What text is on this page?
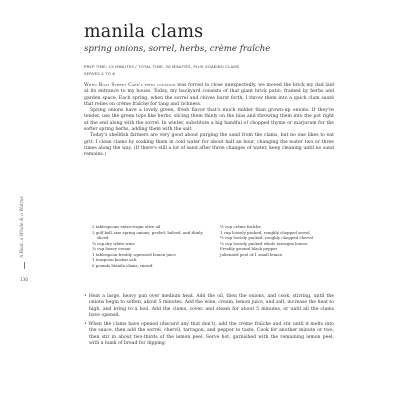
manila clams

spring onions, sorrel, herbs, crème fraîche

PREP TIME: 15 MINUTES / TOTAL TIME: 30 MINUTES, PLUS SOAKING CLAMS
SERVES 4 TO 6

When Boat Street Café's first location was forced to close unexpectedly, we moved the brick my dad laid at its entrance to my house. Today, my backyard consists of that giant brick patio, framed by herbs and garden space. Each spring, when the sorrel and chives burst forth, I throw them into a quick clam sauté that relies on crème fraîche for tang and richness.

Spring onions have a lovely green, fresh flavor that's much milder than grown-up onions. If they're tender, use the green tops like herbs, slicing them thinly on the bias and throwing them into the pot right at the end along with the sorrel. In winter, substitute a big handful of chopped thyme or marjoram for the softer spring herbs, adding them with the salt.

Today's shellfish farmers are very good about purging the sand from the clams, but no one likes to eat grit. I clean clams by soaking them in cold water for about half an hour, changing the water two or three times along the way. (If there's still a lot of sand after three changes of water, keep cleaning until no sand remains.)

2 tablespoons extra-virgin olive oil
2 golf ball–size spring onions, peeled, halved, and thinly sliced
¾ cup dry white wine
¾ cup heavy cream
1 tablespoon freshly squeezed lemon juice
1 teaspoon kosher salt
5 pounds Manila clams, rinsed
½ cup crème fraîche
1 cup loosely packed, roughly chopped sorrel
½ cup loosely packed, roughly chopped chervil
¼ cup loosely packed whole tarragon leaves
Freshly ground black pepper
Julienned peel of 1 small lemon

• Heat a large, heavy pan over medium heat. Add the oil, then the onions, and cook, stirring, until the onions begin to soften, about 5 minutes. Add the wine, cream, lemon juice, and salt, increase the heat to high, and bring to a boil. Add the clams, cover, and steam for about 5 minutes, or until all the clams have opened.

• When the clams have opened (discard any that don't), add the crème fraîche and stir until it melts into the sauce, then add the sorrel, chervil, tarragon, and pepper to taste. Cook for another minute or two, then stir in about two-thirds of the lemon peel. Serve hot, garnished with the remaining lemon peel, with a hunk of bread for dipping.

A Boat, a Whale & a Walrus
130
